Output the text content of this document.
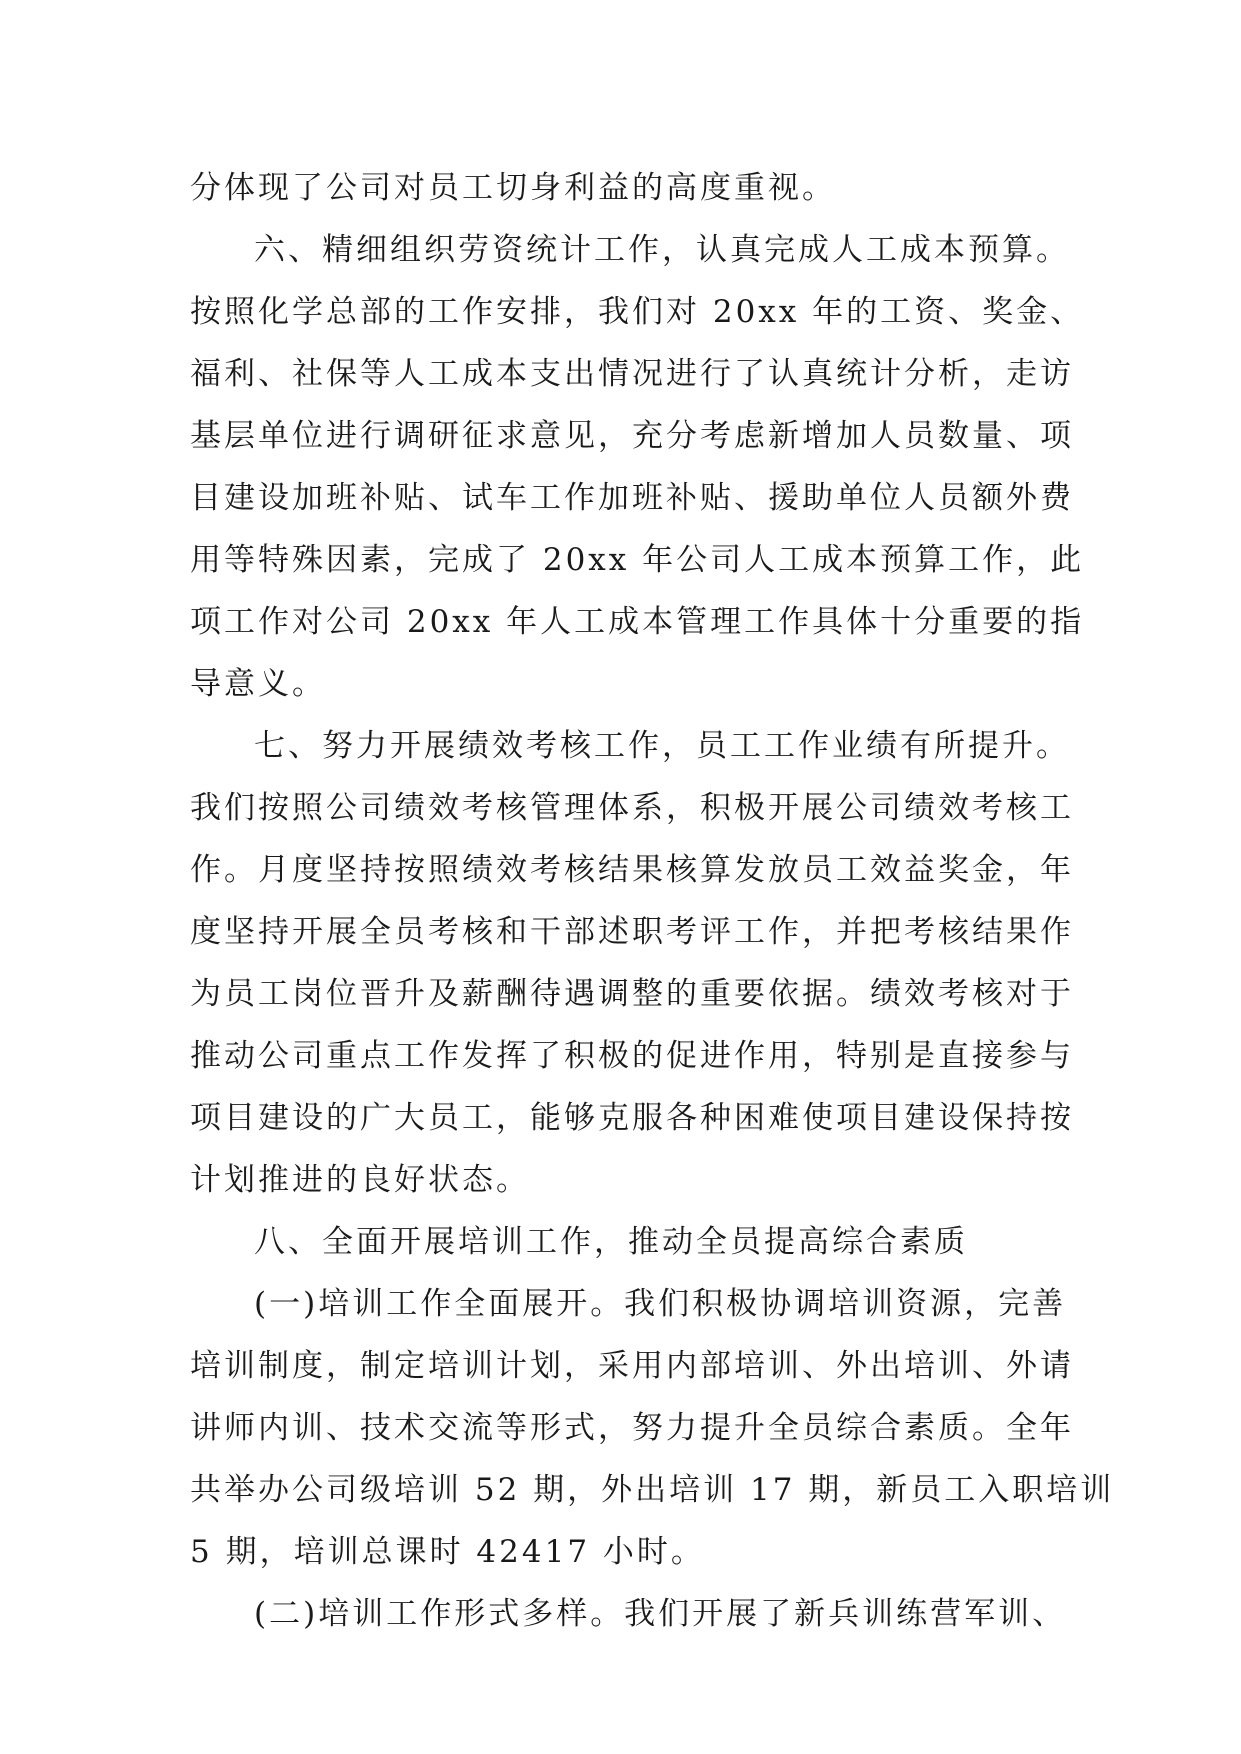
分体现了公司对员工切身利益的高度重视。
六、精细组织劳资统计工作，认真完成人工成本预算。
按照化学总部的工作安排，我们对 20xx 年的工资、奖金、
福利、社保等人工成本支出情况进行了认真统计分析，走访
基层单位进行调研征求意见，充分考虑新增加人员数量、项
目建设加班补贴、试车工作加班补贴、援助单位人员额外费
用等特殊因素，完成了 20xx 年公司人工成本预算工作，此
项工作对公司 20xx 年人工成本管理工作具体十分重要的指
导意义。
七、努力开展绩效考核工作，员工工作业绩有所提升。
我们按照公司绩效考核管理体系，积极开展公司绩效考核工
作。月度坚持按照绩效考核结果核算发放员工效益奖金，年
度坚持开展全员考核和干部述职考评工作，并把考核结果作
为员工岗位晋升及薪酬待遇调整的重要依据。绩效考核对于
推动公司重点工作发挥了积极的促进作用，特别是直接参与
项目建设的广大员工，能够克服各种困难使项目建设保持按
计划推进的良好状态。
八、全面开展培训工作，推动全员提高综合素质
(一)培训工作全面展开。我们积极协调培训资源，完善
培训制度，制定培训计划，采用内部培训、外出培训、外请
讲师内训、技术交流等形式，努力提升全员综合素质。全年
共举办公司级培训 52 期，外出培训 17 期，新员工入职培训
5 期，培训总课时 42417 小时。
(二)培训工作形式多样。我们开展了新兵训练营军训、
